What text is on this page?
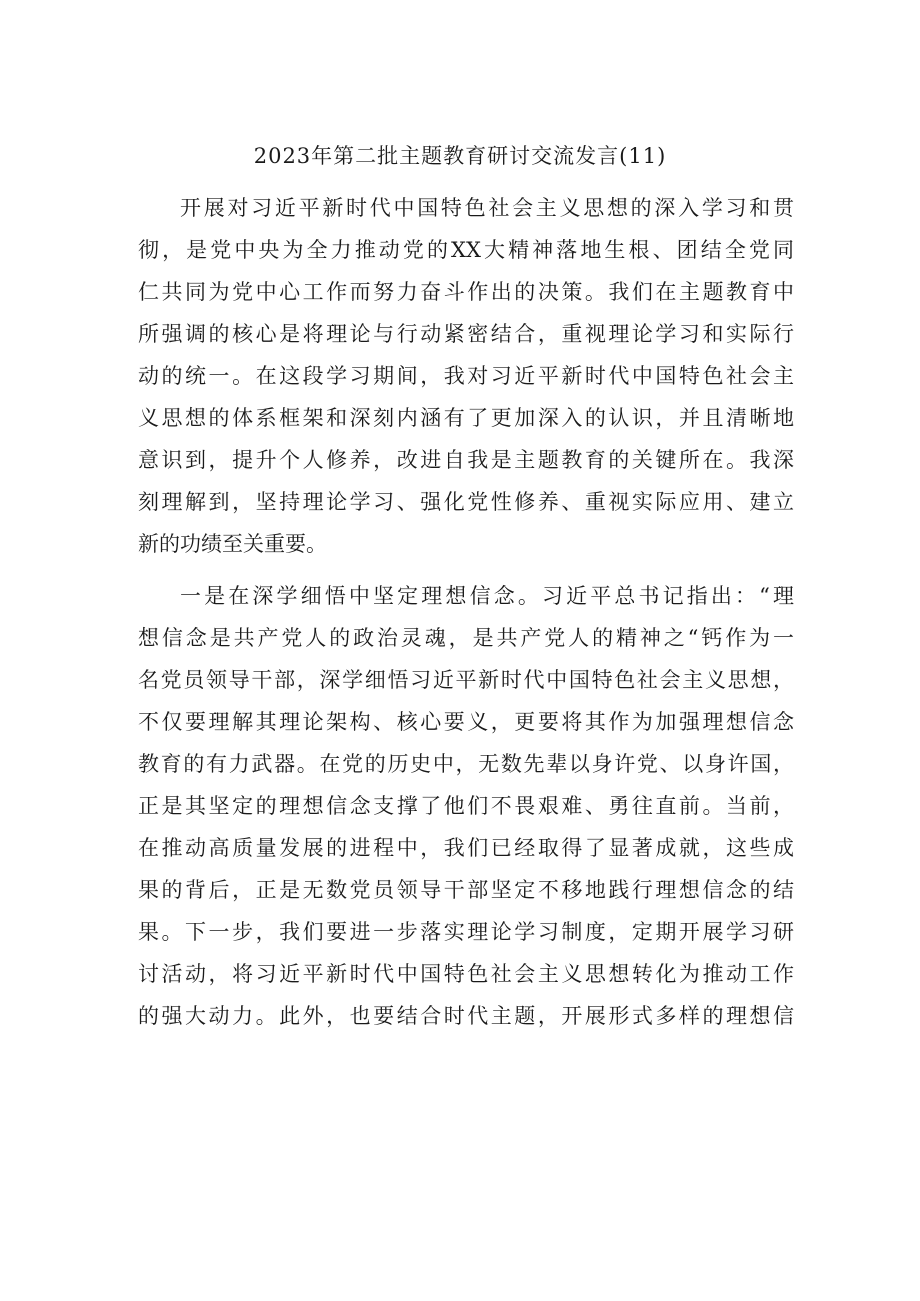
2023年第二批主题教育研讨交流发言(11)
开展对习近平新时代中国特色社会主义思想的深入学习和贯
彻，是党中央为全力推动党的XX大精神落地生根、团结全党同
仁共同为党中心工作而努力奋斗作出的决策。我们在主题教育中
所强调的核心是将理论与行动紧密结合，重视理论学习和实际行
动的统一。在这段学习期间，我对习近平新时代中国特色社会主
义思想的体系框架和深刻内涵有了更加深入的认识，并且清晰地
意识到，提升个人修养，改进自我是主题教育的关键所在。我深
刻理解到，坚持理论学习、强化党性修养、重视实际应用、建立
新的功绩至关重要。
一是在深学细悟中坚定理想信念。习近平总书记指出：“理
想信念是共产党人的政治灵魂，是共产党人的精神之“钙作为一
名党员领导干部，深学细悟习近平新时代中国特色社会主义思想，
不仅要理解其理论架构、核心要义，更要将其作为加强理想信念
教育的有力武器。在党的历史中，无数先辈以身许党、以身许国，
正是其坚定的理想信念支撑了他们不畏艰难、勇往直前。当前，
在推动高质量发展的进程中，我们已经取得了显著成就，这些成
果的背后，正是无数党员领导干部坚定不移地践行理想信念的结
果。下一步，我们要进一步落实理论学习制度，定期开展学习研
讨活动，将习近平新时代中国特色社会主义思想转化为推动工作
的强大动力。此外，也要结合时代主题，开展形式多样的理想信
